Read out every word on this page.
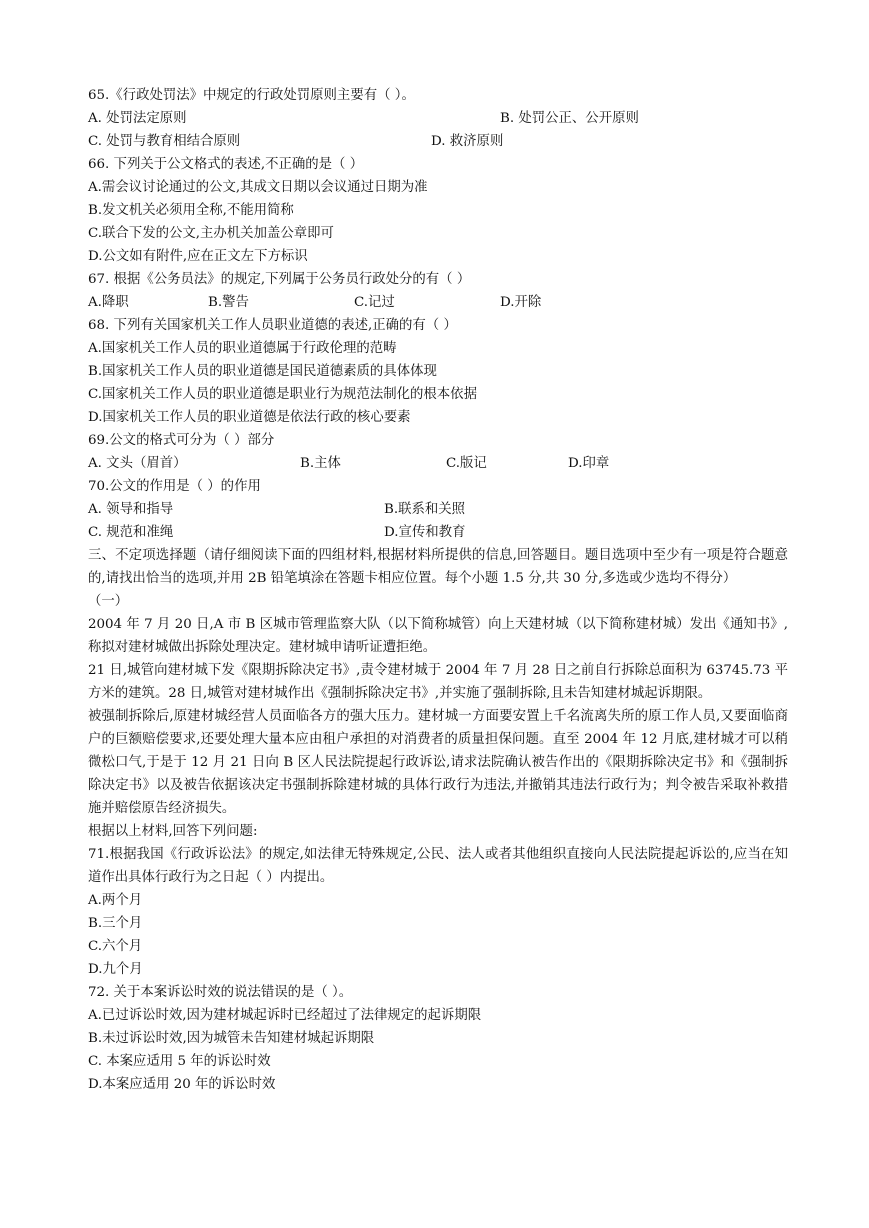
65.《行政处罚法》中规定的行政处罚原则主要有（ ）。
A. 处罚法定原则	B. 处罚公正、公开原则
C. 处罚与教育相结合原则	D. 救济原则
66. 下列关于公文格式的表述,不正确的是（ ）
A.需会议讨论通过的公文,其成文日期以会议通过日期为准
B.发文机关必须用全称,不能用简称
C.联合下发的公文,主办机关加盖公章即可
D.公文如有附件,应在正文左下方标识
67. 根据《公务员法》的规定,下列属于公务员行政处分的有（ ）
A.降职	B.警告	C.记过	D.开除
68. 下列有关国家机关工作人员职业道德的表述,正确的有（ ）
A.国家机关工作人员的职业道德属于行政伦理的范畴
B.国家机关工作人员的职业道德是国民道德素质的具体体现
C.国家机关工作人员的职业道德是职业行为规范法制化的根本依据
D.国家机关工作人员的职业道德是依法行政的核心要素
69.公文的格式可分为（ ）部分
A. 文头（眉首）	B.主体	C.版记	D.印章
70.公文的作用是（ ）的作用
A. 领导和指导	B.联系和关照
C. 规范和准绳	D.宣传和教育
三、不定项选择题（请仔细阅读下面的四组材料,根据材料所提供的信息,回答题目。题目选项中至少有一项是符合题意的,请找出恰当的选项,并用 2B 铅笔填涂在答题卡相应位置。每个小题 1.5 分,共 30 分,多选或少选均不得分）
（一）
2004 年 7 月 20 日,A 市 B 区城市管理监察大队（以下简称城管）向上天建材城（以下简称建材城）发出《通知书》,称拟对建材城做出拆除处理决定。建材城申请听证遭拒绝。
21 日,城管向建材城下发《限期拆除决定书》,责令建材城于 2004 年 7 月 28 日之前自行拆除总面积为 63745.73 平方米的建筑。28 日,城管对建材城作出《强制拆除决定书》,并实施了强制拆除,且未告知建材城起诉期限。
被强制拆除后,原建材城经营人员面临各方的强大压力。建材城一方面要安置上千名流离失所的原工作人员,又要面临商户的巨额赔偿要求,还要处理大量本应由租户承担的对消费者的质量担保问题。直至 2004 年 12 月底,建材城才可以稍微松口气,于是于 12 月 21 日向 B 区人民法院提起行政诉讼,请求法院确认被告作出的《限期拆除决定书》和《强制拆除决定书》以及被告依据该决定书强制拆除建材城的具体行政行为违法,并撤销其违法行政行为；判令被告采取补救措施并赔偿原告经济损失。
根据以上材料,回答下列问题:
71.根据我国《行政诉讼法》的规定,如法律无特殊规定,公民、法人或者其他组织直接向人民法院提起诉讼的,应当在知道作出具体行政行为之日起（ ）内提出。
A.两个月
B.三个月
C.六个月
D.九个月
72. 关于本案诉讼时效的说法错误的是（ ）。
A.已过诉讼时效,因为建材城起诉时已经超过了法律规定的起诉期限
B.未过诉讼时效,因为城管未告知建材城起诉期限
C. 本案应适用 5 年的诉讼时效
D.本案应适用 20 年的诉讼时效
